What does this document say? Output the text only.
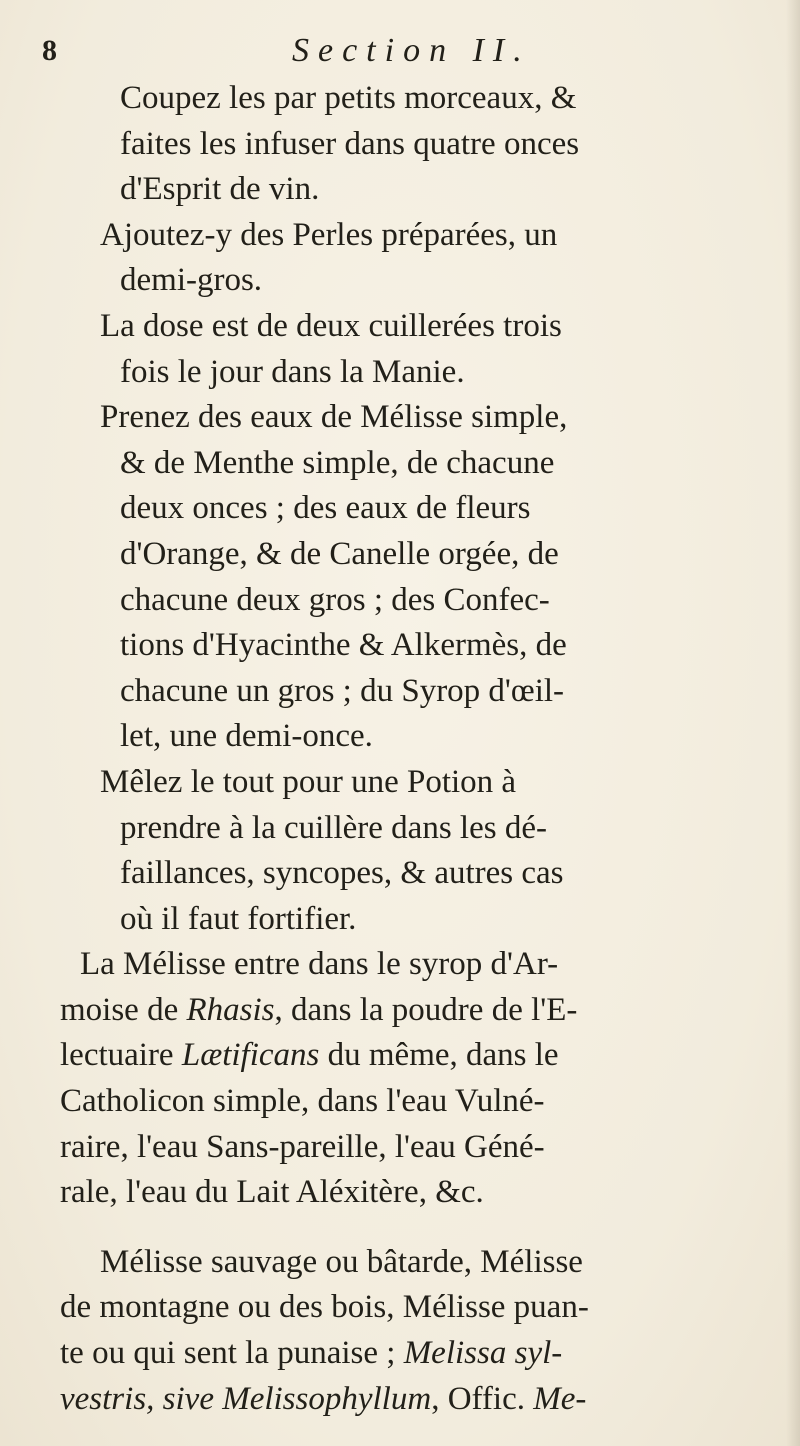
8	Section II.
Coupez les par petits morceaux, &
faites les infuser dans quatre onces
d'Esprit de vin.
Ajoutez-y des Perles préparées, un
demi-gros.
La dose est de deux cuillerées trois
fois le jour dans la Manie.
Prenez des eaux de Mélisse simple,
& de Menthe simple, de chacune
deux onces ; des eaux de fleurs
d'Orange, & de Canelle orgée, de
chacune deux gros ; des Confec-
tions d'Hyacinthe & Alkermès, de
chacune un gros ; du Syrop d'œil-
let, une demi-once.
Mêlez le tout pour une Potion à
prendre à la cuillère dans les dé-
faillances, syncopes, & autres cas
où il faut fortifier.
La Mélisse entre dans le syrop d'Ar-
moise de Rhasis, dans la poudre de l'E-
lectuaire Lætificans du même, dans le
Catholicon simple, dans l'eau Vulné-
raire, l'eau Sans-pareille, l'eau Géné-
rale, l'eau du Lait Aléxitère, &c.
Mélisse sauvage ou bâtarde, Mélisse
de montagne ou des bois, Mélisse puan-
te ou qui sent la punaise ; Melissa syl-
vestris, sive Melissophyllum, Offic. Me-
